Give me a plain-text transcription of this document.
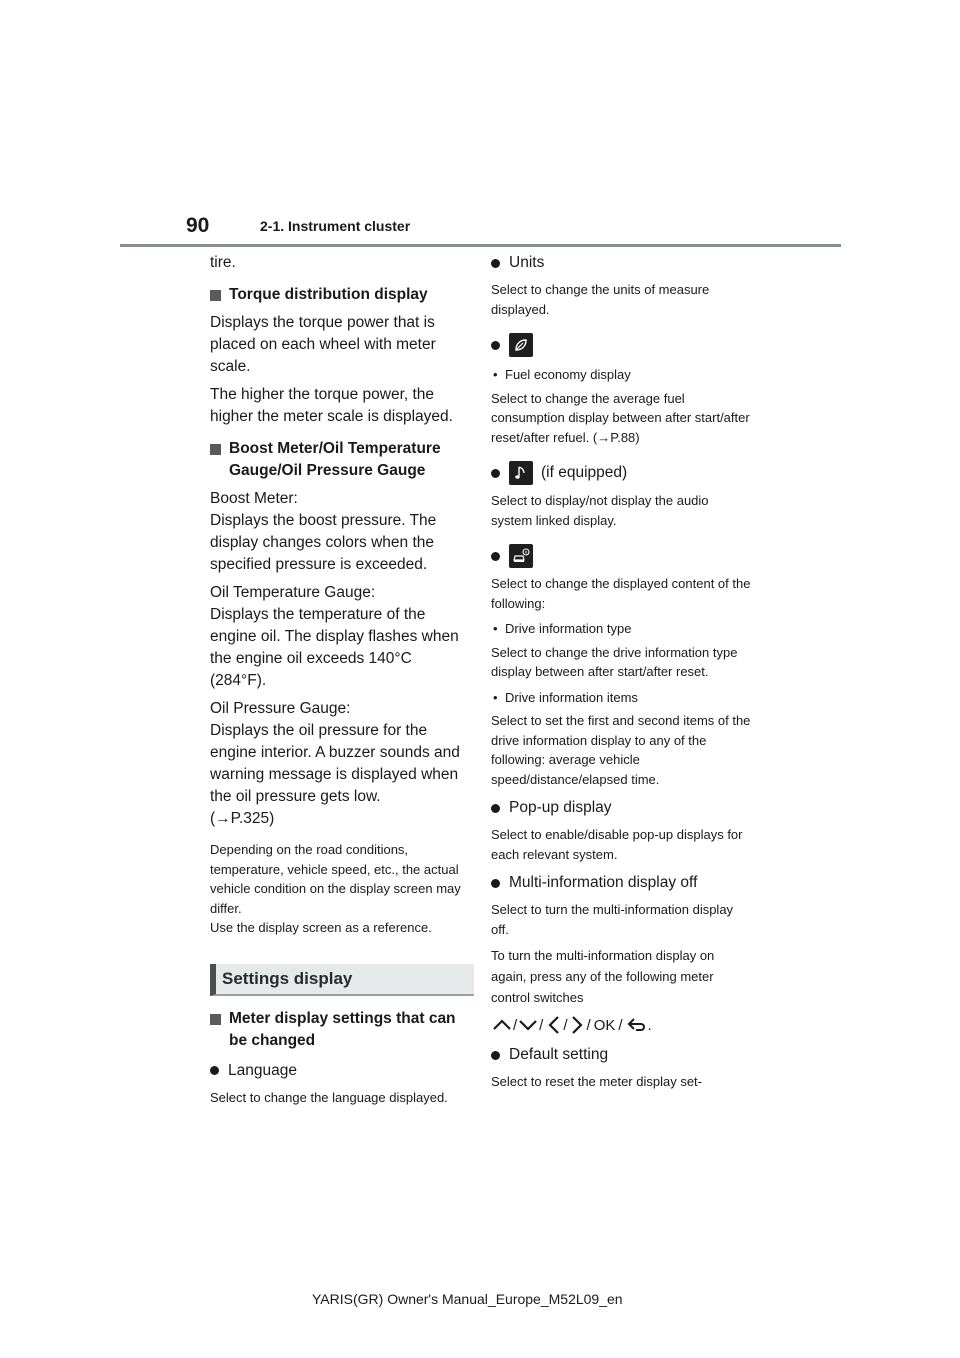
90	2-1. Instrument cluster

tire.

Torque distribution display

Displays the torque power that is placed on each wheel with meter scale.

The higher the torque power, the higher the meter scale is displayed.

Boost Meter/Oil Temperature Gauge/Oil Pressure Gauge

Boost Meter:
Displays the boost pressure. The display changes colors when the specified pressure is exceeded.

Oil Temperature Gauge:
Displays the temperature of the engine oil. The display flashes when the engine oil exceeds 140°C (284°F).

Oil Pressure Gauge:
Displays the oil pressure for the engine interior. A buzzer sounds and warning message is displayed when the oil pressure gets low.
(→P.325)

Depending on the road conditions, temperature, vehicle speed, etc., the actual vehicle condition on the display screen may differ.
Use the display screen as a reference.

Settings display
Meter display settings that can be changed
Language

Select to change the language displayed.

Units

Select to change the units of measure displayed.

• Fuel economy display

Select to change the average fuel consumption display between after start/after reset/after refuel. (→P.88)

(if equipped)

Select to display/not display the audio system linked display.

Select to change the displayed content of the following:

• Drive information type

Select to change the drive information type display between after start/after reset.

• Drive information items

Select to set the first and second items of the drive information display to any of the following: average vehicle speed/distance/elapsed time.

Pop-up display

Select to enable/disable pop-up displays for each relevant system.

Multi-information display off

Select to turn the multi-information display off.

To turn the multi-information display on again, press any of the following meter control switches

/ / / / OK / .
Default setting

Select to reset the meter display set-

YARIS(GR) Owner's Manual_Europe_M52L09_en
